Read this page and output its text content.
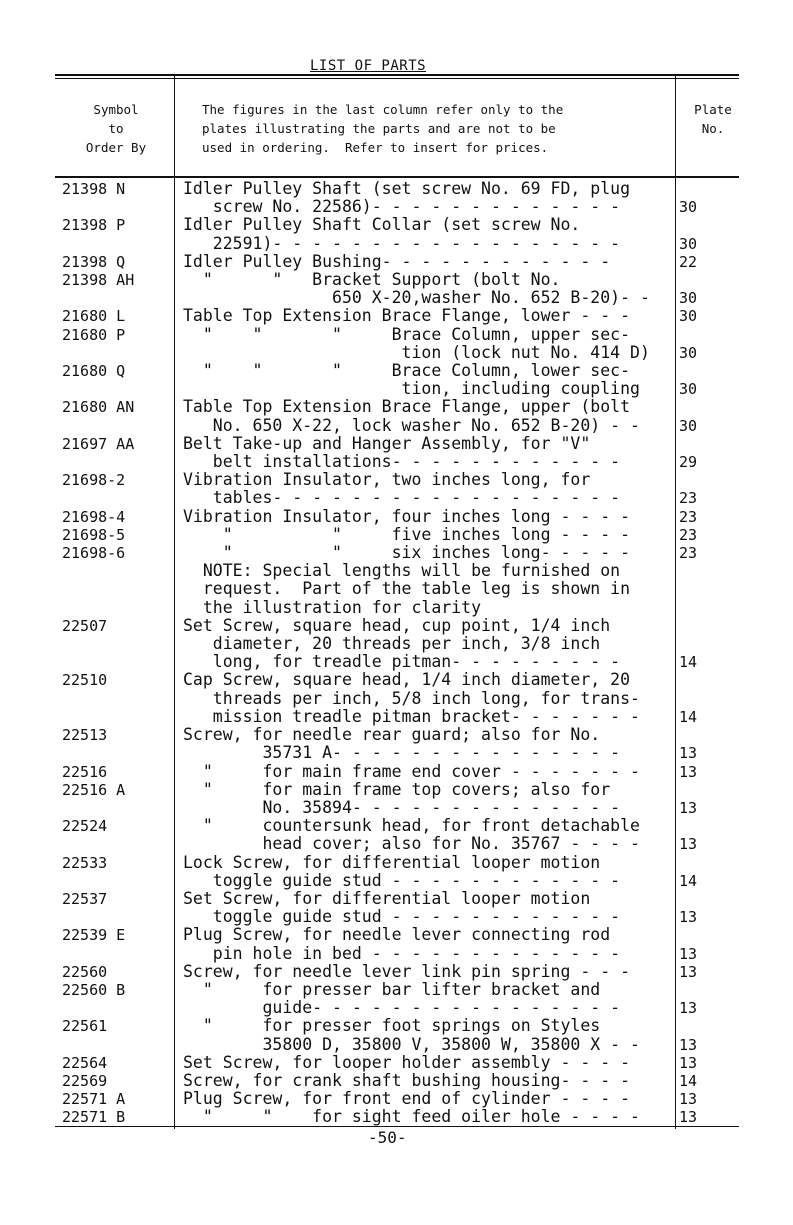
LIST OF PARTS
Symbol
to
Order By
The figures in the last column refer only to the
plates illustrating the parts and are not to be
used in ordering.  Refer to insert for prices.
Plate
No.
21398 N	Idler Pulley Shaft (set screw No. 69 FD, plug
screw No. 22586)- - - - - - - - - - - - -	30
21398 P	Idler Pulley Shaft Collar (set screw No.
22591)- - - - - - - - - - - - - - - - - -	30
21398 Q	Idler Pulley Bushing- - - - - - - - - - - -	22
21398 AH	"      "   Bracket Support (bolt No.
650 X-20,washer No. 652 B-20)- -	30
21680 L	Table Top Extension Brace Flange, lower - - -	30
21680 P	"    "       "     Brace Column, upper sec-
tion (lock nut No. 414 D)	30
21680 Q	"    "       "     Brace Column, lower sec-
tion, including coupling	30
21680 AN	Table Top Extension Brace Flange, upper (bolt
No. 650 X-22, lock washer No. 652 B-20) - -	30
21697 AA	Belt Take-up and Hanger Assembly, for "V"
belt installations- - - - - - - - - - - -	29
21698-2	Vibration Insulator, two inches long, for
tables- - - - - - - - - - - - - - - - - -	23
21698-4	Vibration Insulator, four inches long - - - -	23
21698-5	"          "     five inches long - - - -	23
21698-6	"          "     six inches long- - - - -	23
NOTE: Special lengths will be furnished on
request.  Part of the table leg is shown in
the illustration for clarity
22507	Set Screw, square head, cup point, 1/4 inch
diameter, 20 threads per inch, 3/8 inch
long, for treadle pitman- - - - - - - - -	14
22510	Cap Screw, square head, 1/4 inch diameter, 20
threads per inch, 5/8 inch long, for trans-
mission treadle pitman bracket- - - - - - -	14
22513	Screw, for needle rear guard; also for No.
35731 A- - - - - - - - - - - - - - -	13
22516	"     for main frame end cover - - - - - - -	13
22516 A	"     for main frame top covers; also for
No. 35894- - - - - - - - - - - - - -	13
22524	"     countersunk head, for front detachable
head cover; also for No. 35767 - - - -	13
22533	Lock Screw, for differential looper motion
toggle guide stud - - - - - - - - - - - -	14
22537	Set Screw, for differential looper motion
toggle guide stud - - - - - - - - - - - -	13
22539 E	Plug Screw, for needle lever connecting rod
pin hole in bed - - - - - - - - - - - - -	13
22560	Screw, for needle lever link pin spring - - -	13
22560 B	"     for presser bar lifter bracket and
guide- - - - - - - - - - - - - - - -	13
22561	"     for presser foot springs on Styles
35800 D, 35800 V, 35800 W, 35800 X - -	13
22564	Set Screw, for looper holder assembly - - - -	13
22569	Screw, for crank shaft bushing housing- - - -	14
22571 A	Plug Screw, for front end of cylinder - - - -	13
22571 B	"     "    for sight feed oiler hole - - - -	13
-50-
